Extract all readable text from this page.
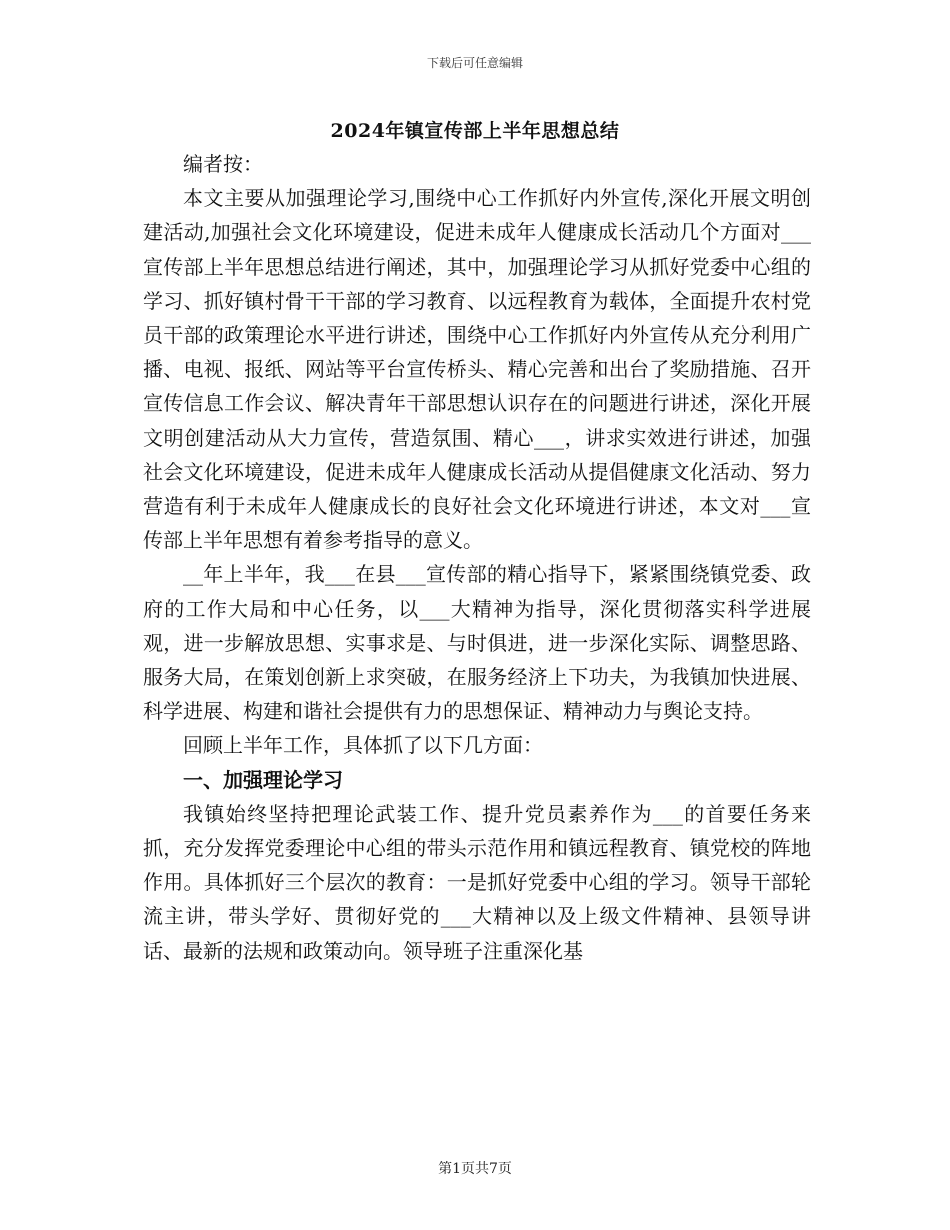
下载后可任意编辑
2024年镇宣传部上半年思想总结

编者按：

本文主要从加强理论学习,围绕中心工作抓好内外宣传,深化开展文明创建活动,加强社会文化环境建设，促进未成年人健康成长活动几个方面对___宣传部上半年思想总结进行阐述，其中，加强理论学习从抓好党委中心组的学习、抓好镇村骨干干部的学习教育、以远程教育为载体，全面提升农村党员干部的政策理论水平进行讲述，围绕中心工作抓好内外宣传从充分利用广播、电视、报纸、网站等平台宣传桥头、精心完善和出台了奖励措施、召开宣传信息工作会议、解决青年干部思想认识存在的问题进行讲述，深化开展文明创建活动从大力宣传，营造氛围、精心___，讲求实效进行讲述，加强社会文化环境建设，促进未成年人健康成长活动从提倡健康文化活动、努力营造有利于未成年人健康成长的良好社会文化环境进行讲述，本文对___宣传部上半年思想有着参考指导的意义。

__年上半年，我___在县___宣传部的精心指导下，紧紧围绕镇党委、政府的工作大局和中心任务，以___大精神为指导，深化贯彻落实科学进展观，进一步解放思想、实事求是、与时俱进，进一步深化实际、调整思路、服务大局，在策划创新上求突破，在服务经济上下功夫，为我镇加快进展、科学进展、构建和谐社会提供有力的思想保证、精神动力与舆论支持。

回顾上半年工作，具体抓了以下几方面：

一、加强理论学习

我镇始终坚持把理论武装工作、提升党员素养作为___的首要任务来抓，充分发挥党委理论中心组的带头示范作用和镇远程教育、镇党校的阵地作用。具体抓好三个层次的教育：一是抓好党委中心组的学习。领导干部轮流主讲，带头学好、贯彻好党的___大精神以及上级文件精神、县领导讲话、最新的法规和政策动向。领导班子注重深化基

第1页共7页
